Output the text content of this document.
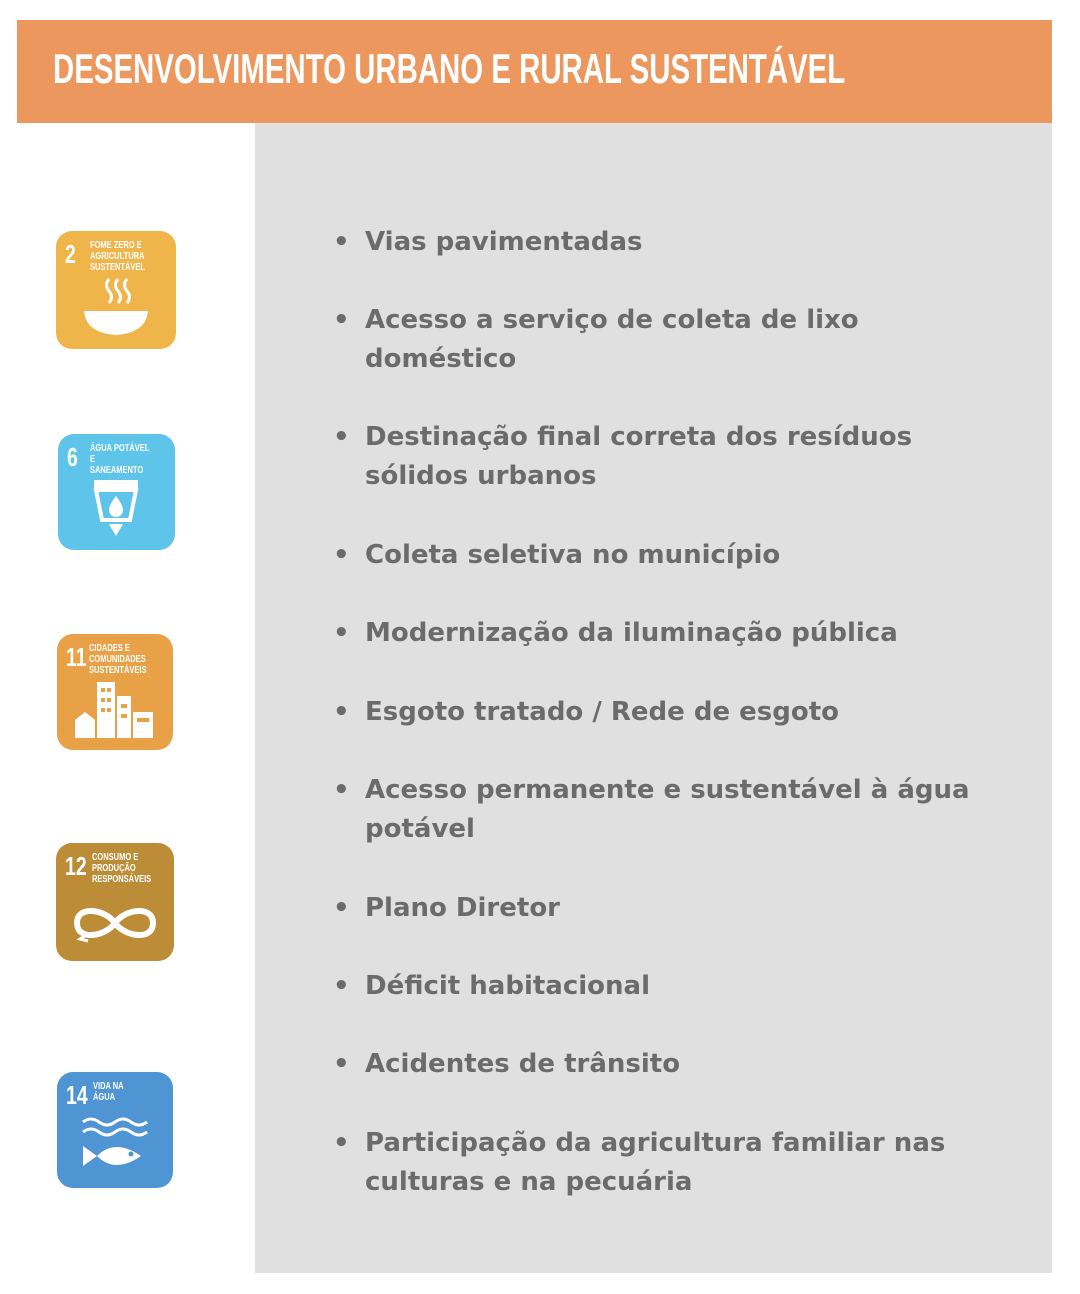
DESENVOLVIMENTO URBANO E RURAL SUSTENTÁVEL
2 FOME ZERO E AGRICULTURA SUSTENTÁVEL
6 ÁGUA POTÁVEL E SANEAMENTO
11 CIDADES E COMUNIDADES SUSTENTÁVEIS
12 CONSUMO E PRODUÇÃO RESPONSÁVEIS
14 VIDA NA ÁGUA
• Vias pavimentadas
• Acesso a serviço de coleta de lixo doméstico
• Destinação final correta dos resíduos sólidos urbanos
• Coleta seletiva no município
• Modernização da iluminação pública
• Esgoto tratado / Rede de esgoto
• Acesso permanente e sustentável à água potável
• Plano Diretor
• Déficit habitacional
• Acidentes de trânsito
• Participação da agricultura familiar nas culturas e na pecuária
